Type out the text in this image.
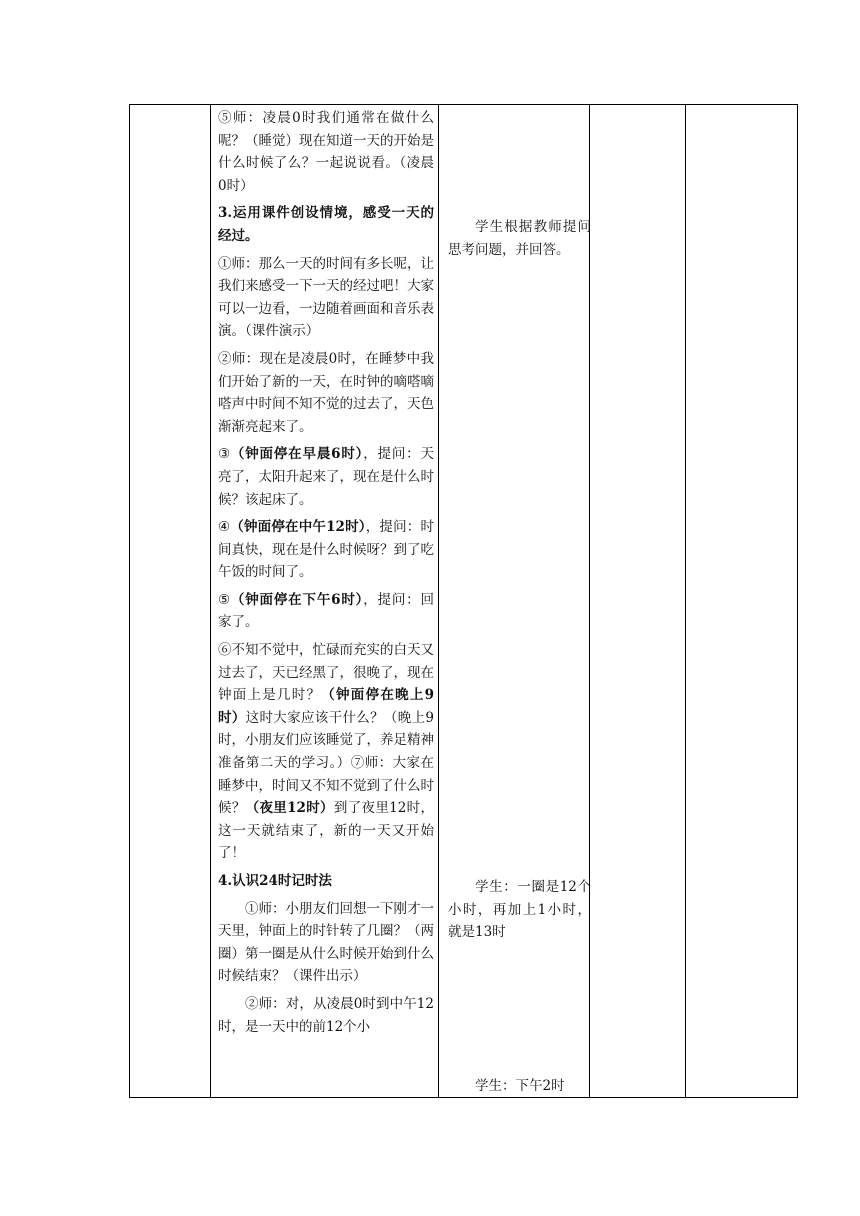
⑤师：凌晨0时我们通常在做什么呢？（睡觉）现在知道一天的开始是什么时候了么？一起说说看。（凌晨0时）

3.运用课件创设情境，感受一天的经过。

①师：那么一天的时间有多长呢，让我们来感受一下一天的经过吧！大家可以一边看，一边随着画面和音乐表演。（课件演示）

②师：现在是凌晨0时，在睡梦中我们开始了新的一天，在时钟的嘀嗒嘀嗒声中时间不知不觉的过去了，天色渐渐亮起来了。

③（钟面停在早晨6时），提问：天亮了，太阳升起来了，现在是什么时候？该起床了。

④（钟面停在中午12时），提问：时间真快，现在是什么时候呀？到了吃午饭的时间了。

⑤（钟面停在下午6时），提问：回家了。

⑥不知不觉中，忙碌而充实的白天又过去了，天已经黑了，很晚了，现在钟面上是几时？（钟面停在晚上9时）这时大家应该干什么？（晚上9时，小朋友们应该睡觉了，养足精神准备第二天的学习。）⑦师：大家在睡梦中，时间又不知不觉到了什么时候？（夜里12时）到了夜里12时，这一天就结束了，新的一天又开始了！

4.认识24时记时法

①师：小朋友们回想一下刚才一天里，钟面上的时针转了几圈？（两圈）第一圈是从什么时候开始到什么时候结束？（课件出示）

②师：对，从凌晨0时到中午12时，是一天中的前12个小

学生根据教师提问思考问题，并回答。
学生：一圈是12个小时，再加上1小时，就是13时
学生：下午2时
